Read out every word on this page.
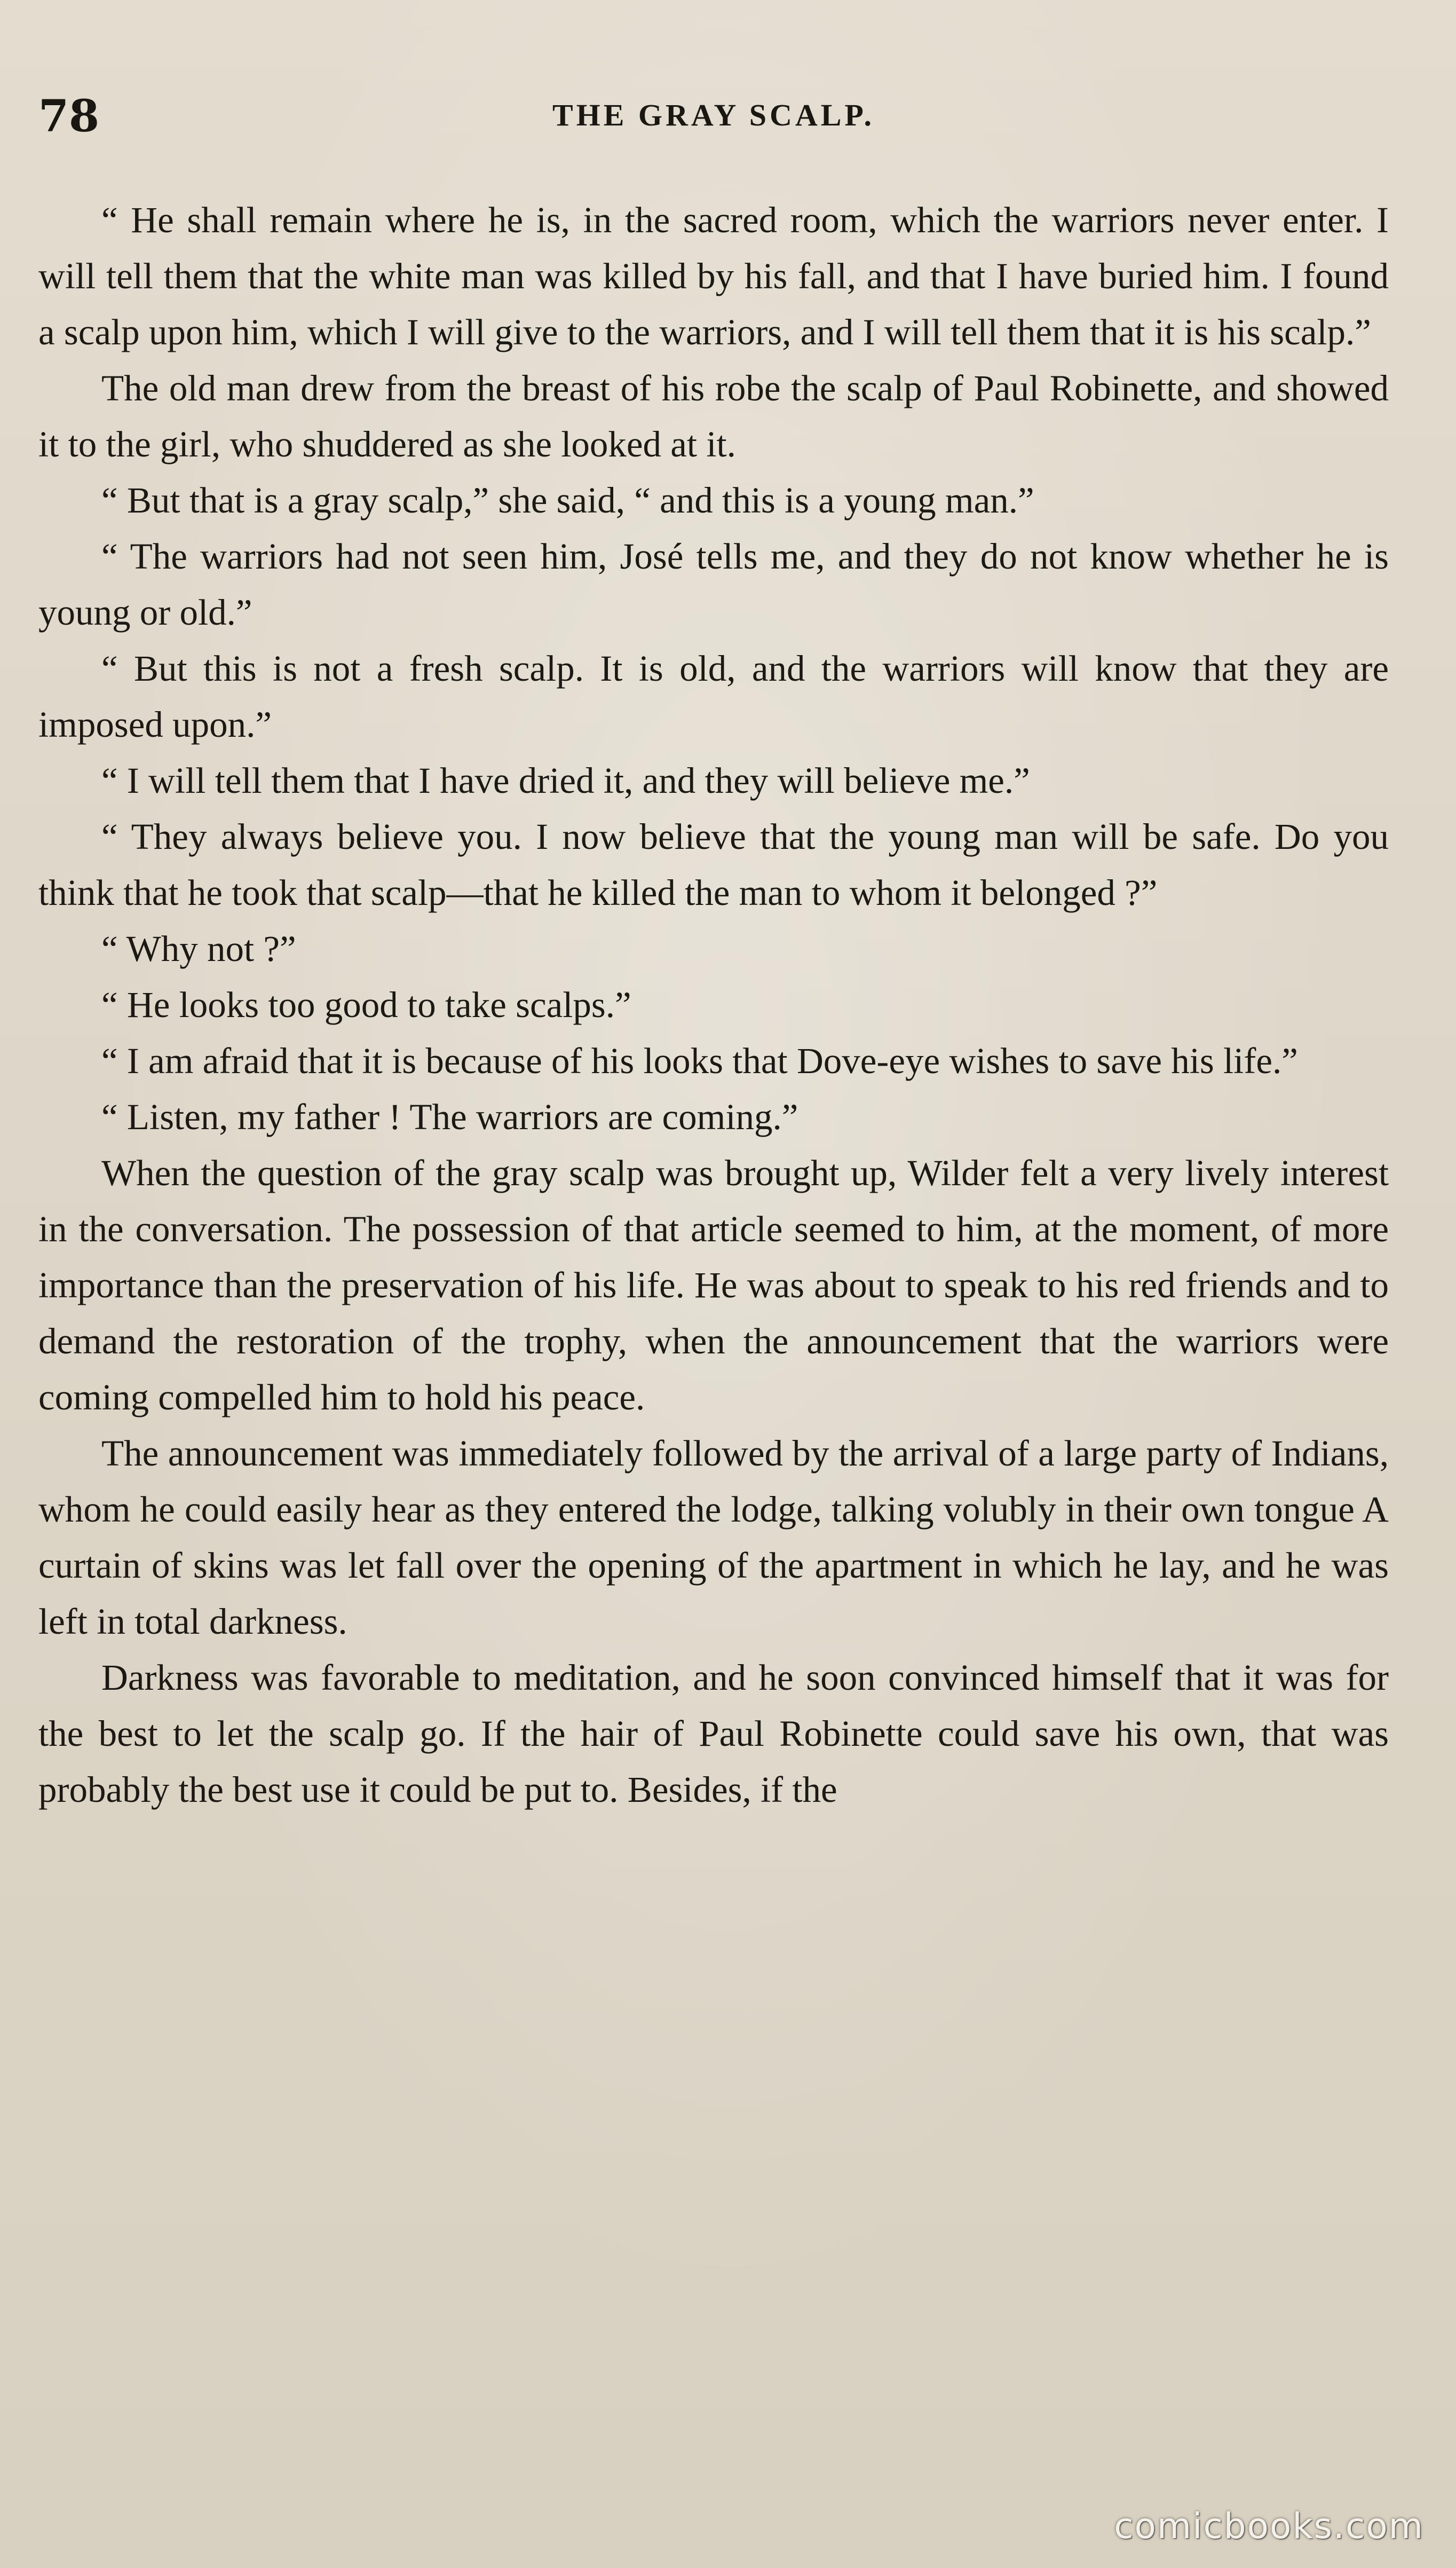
78	THE GRAY SCALP.

“ He shall remain where he is, in the sacred room, which the warriors never enter. I will tell them that the white man was killed by his fall, and that I have buried him. I found a scalp upon him, which I will give to the warriors, and I will tell them that it is his scalp.”

The old man drew from the breast of his robe the scalp of Paul Robinette, and showed it to the girl, who shuddered as she looked at it.

“ But that is a gray scalp,” she said, “ and this is a young man.”

“ The warriors had not seen him, José tells me, and they do not know whether he is young or old.”

“ But this is not a fresh scalp. It is old, and the warriors will know that they are imposed upon.”

“ I will tell them that I have dried it, and they will believe me.”

“ They always believe you. I now believe that the young man will be safe. Do you think that he took that scalp—that he killed the man to whom it belonged ?”

“ Why not ?”

“ He looks too good to take scalps.”

“ I am afraid that it is because of his looks that Dove-eye wishes to save his life.”

“ Listen, my father ! The warriors are coming.”

When the question of the gray scalp was brought up, Wilder felt a very lively interest in the conversation. The possession of that article seemed to him, at the moment, of more importance than the preservation of his life. He was about to speak to his red friends and to demand the restoration of the trophy, when the announcement that the warriors were coming compelled him to hold his peace.

The announcement was immediately followed by the arrival of a large party of Indians, whom he could easily hear as they entered the lodge, talking volubly in their own tongue A curtain of skins was let fall over the opening of the apartment in which he lay, and he was left in total darkness.

Darkness was favorable to meditation, and he soon convinced himself that it was for the best to let the scalp go. If the hair of Paul Robinette could save his own, that was probably the best use it could be put to. Besides, if the

comicbooks.com
